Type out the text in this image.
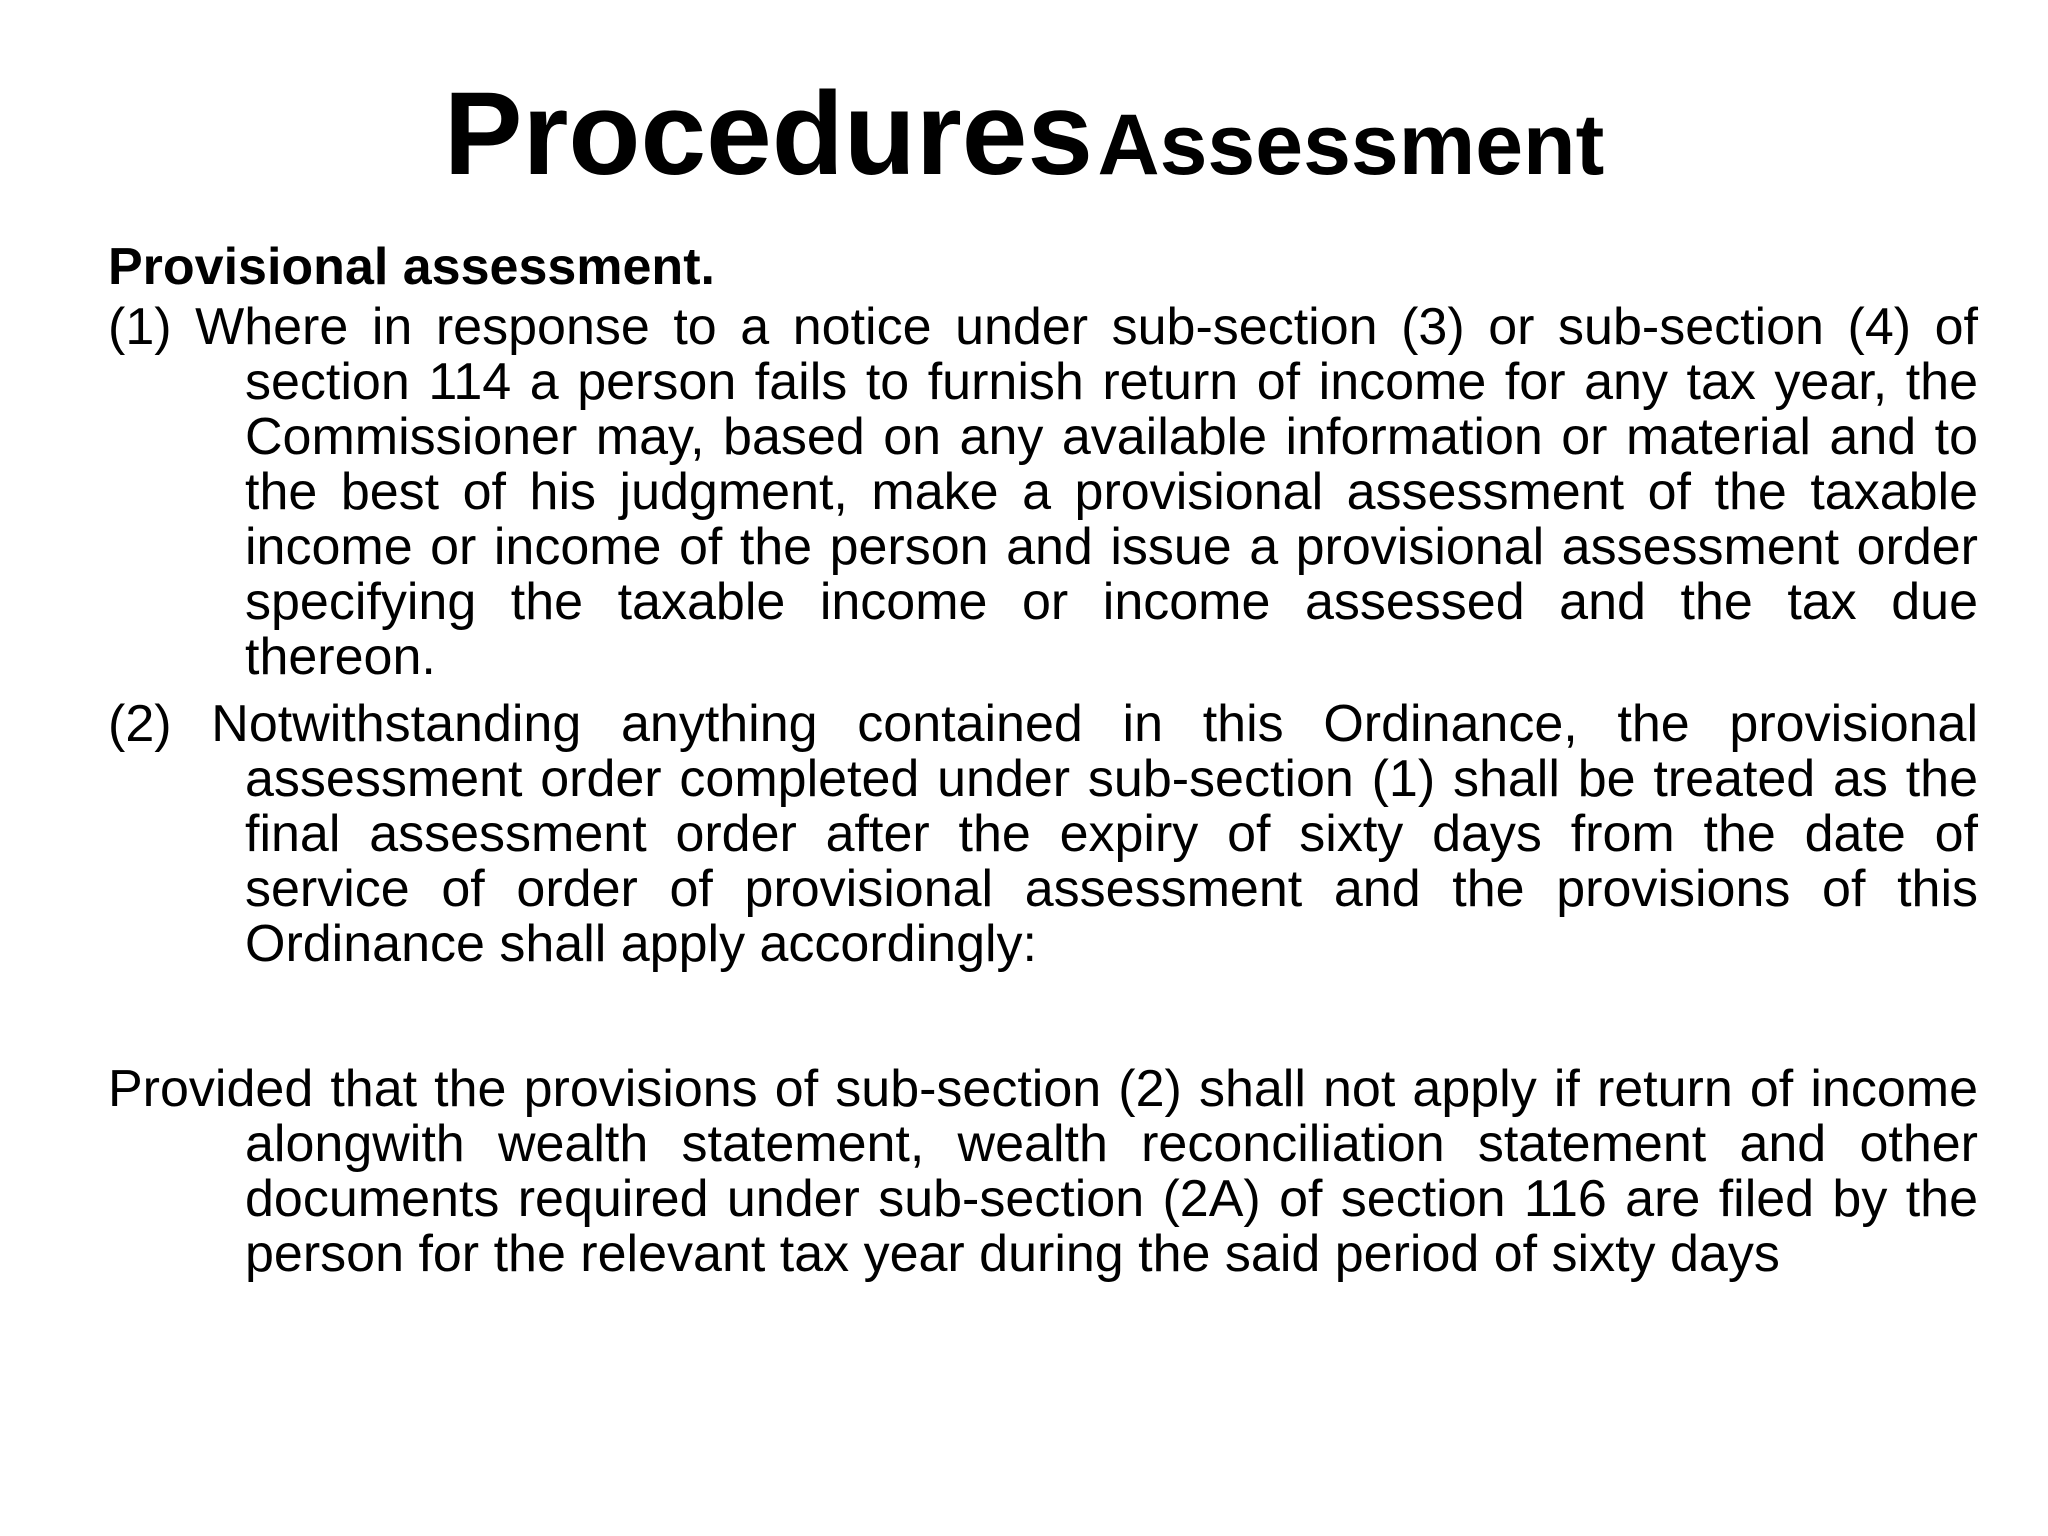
Procedures Assessment
Provisional assessment.

(1) Where in response to a notice under sub-section (3) or sub-section (4) of section 114 a person fails to furnish return of income for any tax year, the Commissioner may, based on any available information or material and to the best of his judgment, make a provisional assessment of the taxable income or income of the person and issue a provisional assessment order specifying the taxable income or income assessed and the tax due thereon.

(2) Notwithstanding anything contained in this Ordinance, the provisional assessment order completed under sub-section (1) shall be treated as the final assessment order after the expiry of sixty days from the date of service of order of provisional assessment and the provisions of this Ordinance shall apply accordingly:

Provided that the provisions of sub-section (2) shall not apply if return of income alongwith wealth statement, wealth reconciliation statement and other documents required under sub-section (2A) of section 116 are filed by the person for the relevant tax year during the said period of sixty days
